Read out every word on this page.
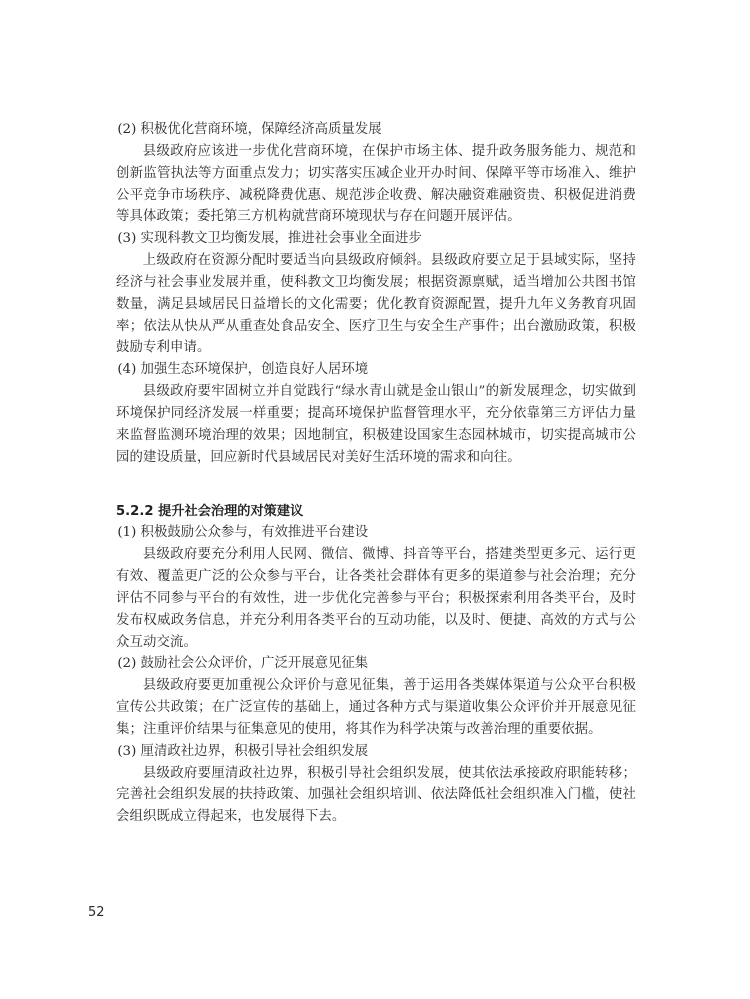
(2) 积极优化营商环境，保障经济高质量发展

县级政府应该进一步优化营商环境，在保护市场主体、提升政务服务能力、规范和创新监管执法等方面重点发力；切实落实压减企业开办时间、保障平等市场准入、维护公平竞争市场秩序、减税降费优惠、规范涉企收费、解决融资难融资贵、积极促进消费等具体政策；委托第三方机构就营商环境现状与存在问题开展评估。

(3) 实现科教文卫均衡发展，推进社会事业全面进步

上级政府在资源分配时要适当向县级政府倾斜。县级政府要立足于县域实际，坚持经济与社会事业发展并重，使科教文卫均衡发展；根据资源禀赋，适当增加公共图书馆数量，满足县域居民日益增长的文化需要；优化教育资源配置，提升九年义务教育巩固率；依法从快从严从重查处食品安全、医疗卫生与安全生产事件；出台激励政策，积极鼓励专利申请。

(4) 加强生态环境保护，创造良好人居环境

县级政府要牢固树立并自觉践行“绿水青山就是金山银山”的新发展理念，切实做到环境保护同经济发展一样重要；提高环境保护监督管理水平，充分依靠第三方评估力量来监督监测环境治理的效果；因地制宜，积极建设国家生态园林城市，切实提高城市公园的建设质量，回应新时代县域居民对美好生活环境的需求和向往。

5.2.2 提升社会治理的对策建议

(1) 积极鼓励公众参与，有效推进平台建设

县级政府要充分利用人民网、微信、微博、抖音等平台，搭建类型更多元、运行更有效、覆盖更广泛的公众参与平台，让各类社会群体有更多的渠道参与社会治理；充分评估不同参与平台的有效性，进一步优化完善参与平台；积极探索利用各类平台，及时发布权威政务信息，并充分利用各类平台的互动功能，以及时、便捷、高效的方式与公众互动交流。

(2) 鼓励社会公众评价，广泛开展意见征集

县级政府要更加重视公众评价与意见征集，善于运用各类媒体渠道与公众平台积极宣传公共政策；在广泛宣传的基础上，通过各种方式与渠道收集公众评价并开展意见征集；注重评价结果与征集意见的使用，将其作为科学决策与改善治理的重要依据。

(3) 厘清政社边界，积极引导社会组织发展

县级政府要厘清政社边界，积极引导社会组织发展，使其依法承接政府职能转移；完善社会组织发展的扶持政策、加强社会组织培训、依法降低社会组织准入门槛，使社会组织既成立得起来，也发展得下去。

52
